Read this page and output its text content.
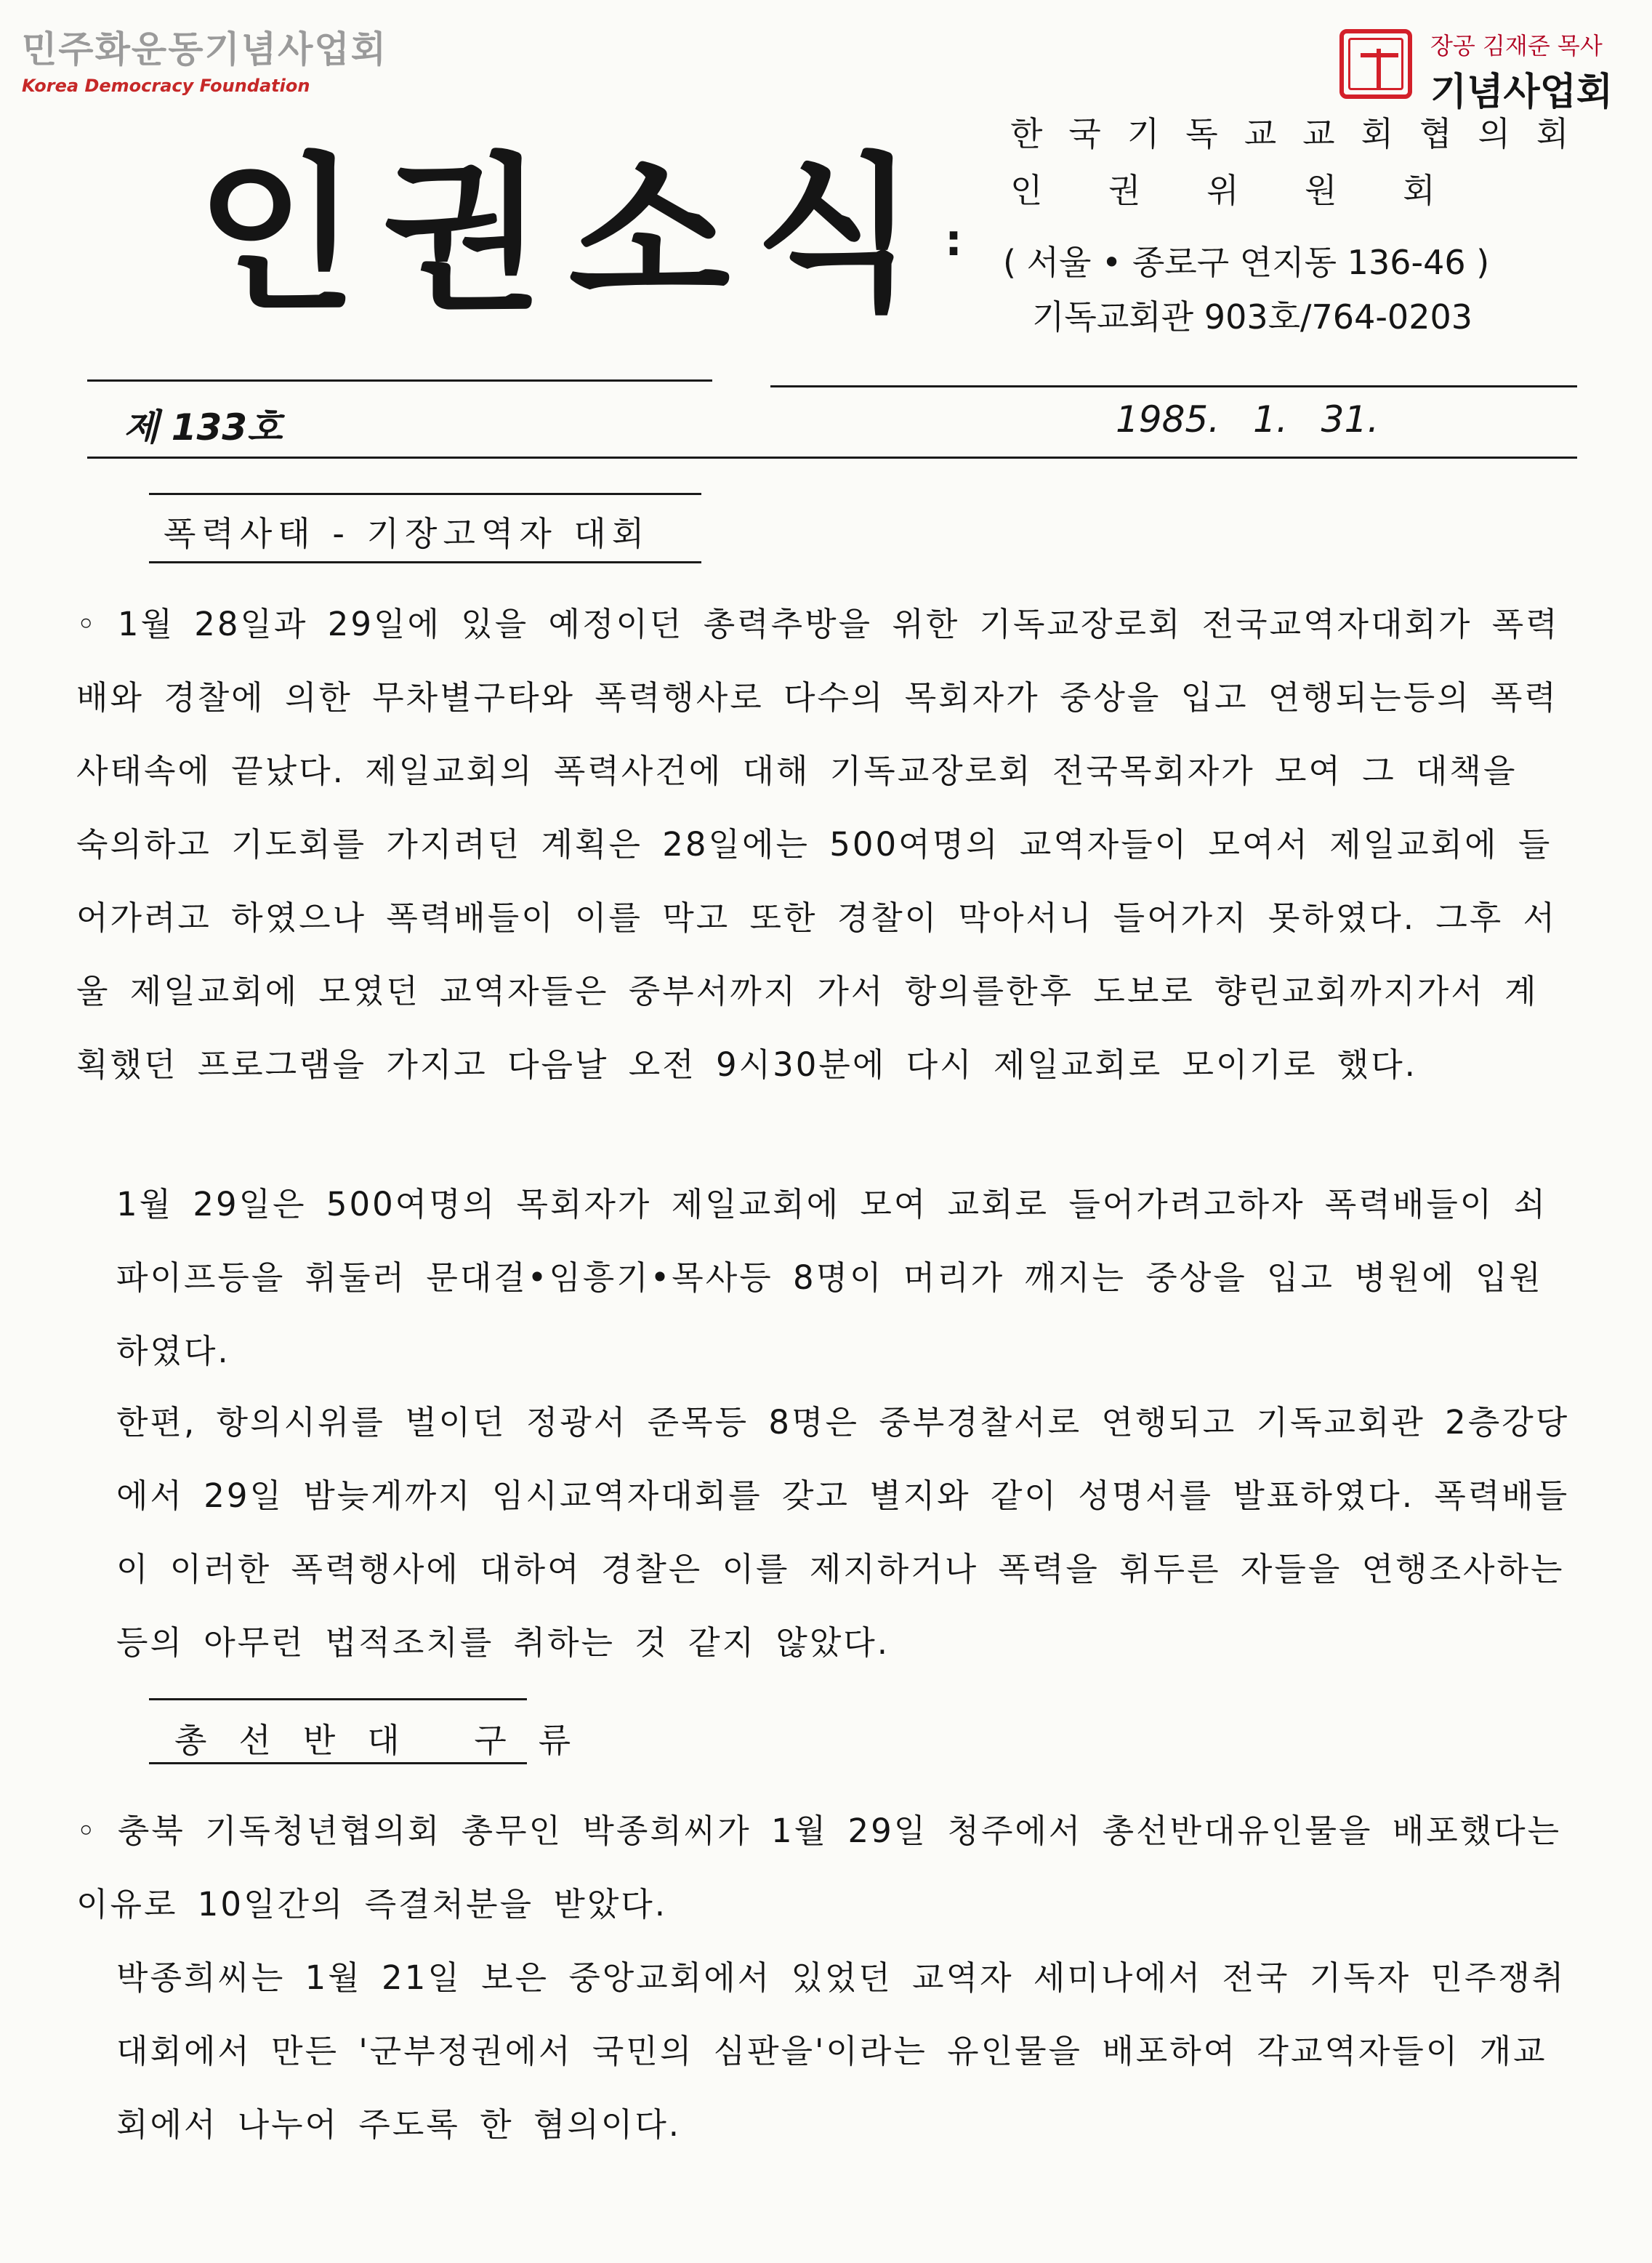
민주화운동기념사업회
Korea Democracy Foundation
장공 김재준 목사
기념사업회
인권소식 :
한국기독교교회협의회
인 권 위 원 회
( 서울 • 종로구 연지동 136-46 )
기독교회관 903호/764-0203
제 133호	1985. 1. 31.
폭력사태 - 기장고역자 대회
◦ 1월 28일과 29일에 있을 예정이던 총력추방을 위한 기독교장로회 전국교역자대회가 폭력배와 경찰에 의한 무차별구타와 폭력행사로 다수의 목회자가 중상을 입고 연행되는등의 폭력사태속에 끝났다. 제일교회의 폭력사건에 대해 기독교장로회 전국목회자가 모여 그 대책을 숙의하고 기도회를 가지려던 계획은 28일에는 500여명의 교역자들이 모여서 제일교회에 들어가려고 하였으나 폭력배들이 이를 막고 또한 경찰이 막아서니 들어가지 못하였다. 그후 서울 제일교회에 모였던 교역자들은 중부서까지 가서 항의를한후 도보로 향린교회까지가서 계획했던 프로그램을 가지고 다음날 오전 9시30분에 다시 제일교회로 모이기로 했다.
1월 29일은 500여명의 목회자가 제일교회에 모여 교회로 들어가려고하자 폭력배들이 쇠파이프등을 휘둘러 문대걸•임흥기•목사등 8명이 머리가 깨지는 중상을 입고 병원에 입원하였다.
한편, 항의시위를 벌이던 정광서 준목등 8명은 중부경찰서로 연행되고 기독교회관 2층강당에서 29일 밤늦게까지 임시교역자대회를 갖고 별지와 같이 성명서를 발표하였다. 폭력배들이 이러한 폭력행사에 대하여 경찰은 이를 제지하거나 폭력을 휘두른 자들을 연행조사하는등의 아무런 법적조치를 취하는 것 같지 않았다.
총선반대 구류
◦ 충북 기독청년협의회 총무인 박종희씨가 1월 29일 청주에서 총선반대유인물을 배포했다는 이유로 10일간의 즉결처분을 받았다.
박종희씨는 1월 21일 보은 중앙교회에서 있었던 교역자 세미나에서 전국 기독자 민주쟁취 대회에서 만든 '군부정권에서 국민의 심판을'이라는 유인물을 배포하여 각교역자들이 개교회에서 나누어 주도록 한 혐의이다.
